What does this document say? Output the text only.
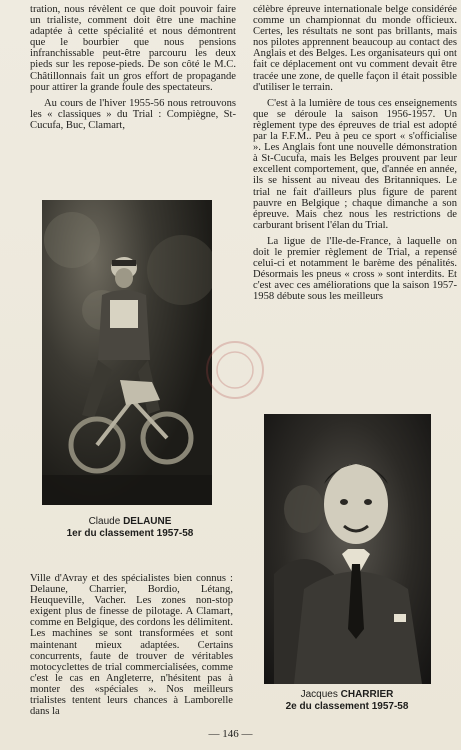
tration, nous révèlent ce que doit pouvoir faire un trialiste, comment doit être une machine adaptée à cette spécialité et nous démontrent que le bourbier que nous pensions infranchissable peut-être parcouru les deux pieds sur les repose-pieds. De son côté le M.C. Châtillonnais fait un gros effort de propagande pour attirer la grande foule des spectateurs.

Au cours de l'hiver 1955-56 nous retrouvons les « classiques » du Trial : Compiègne, St-Cucufa, Buc, Clamart,

Claude DELAUNE
1er du classement 1957-58

Ville d'Avray et des spécialistes bien connus : Delaune, Charrier, Bordio, Létang, Heuqueville, Vacher. Les zones non-stop exigent plus de finesse de pilotage. A Clamart, comme en Belgique, des cordons les délimitent. Les machines se sont transformées et sont maintenant mieux adaptées. Certains concurrents, faute de trouver de véritables motocyclettes de trial commercialisées, comme c'est le cas en Angleterre, n'hésitent pas à monter des «spéciales ». Nos meilleurs trialistes tentent leurs chances à Lamborelle dans la

célèbre épreuve internationale belge considérée comme un championnat du monde officieux. Certes, les résultats ne sont pas brillants, mais nos pilotes apprennent beaucoup au contact des Anglais et des Belges. Les organisateurs qui ont fait ce déplacement ont vu comment devait être tracée une zone, de quelle façon il était possible d'utiliser le terrain.

C'est à la lumière de tous ces enseignements que se déroule la saison 1956-1957. Un règlement type des épreuves de trial est adopté par la F.F.M.. Peu à peu ce sport « s'officialise ». Les Anglais font une nouvelle démonstration à St-Cucufa, mais les Belges prouvent par leur excellent comportement, que, d'année en année, ils se hissent au niveau des Britanniques. Le trial ne fait d'ailleurs plus figure de parent pauvre en Belgique ; chaque dimanche a son épreuve. Mais chez nous les restrictions de carburant brisent l'élan du Trial.

La ligue de l'Ile-de-France, à laquelle on doit le premier règlement de Trial, a repensé celui-ci et notamment le barème des pénalités. Désormais les pneus « cross » sont interdits. Et c'est avec ces améliorations que la saison 1957-1958 débute sous les meilleurs

Jacques CHARRIER
2e du classement 1957-58
— 146 —
